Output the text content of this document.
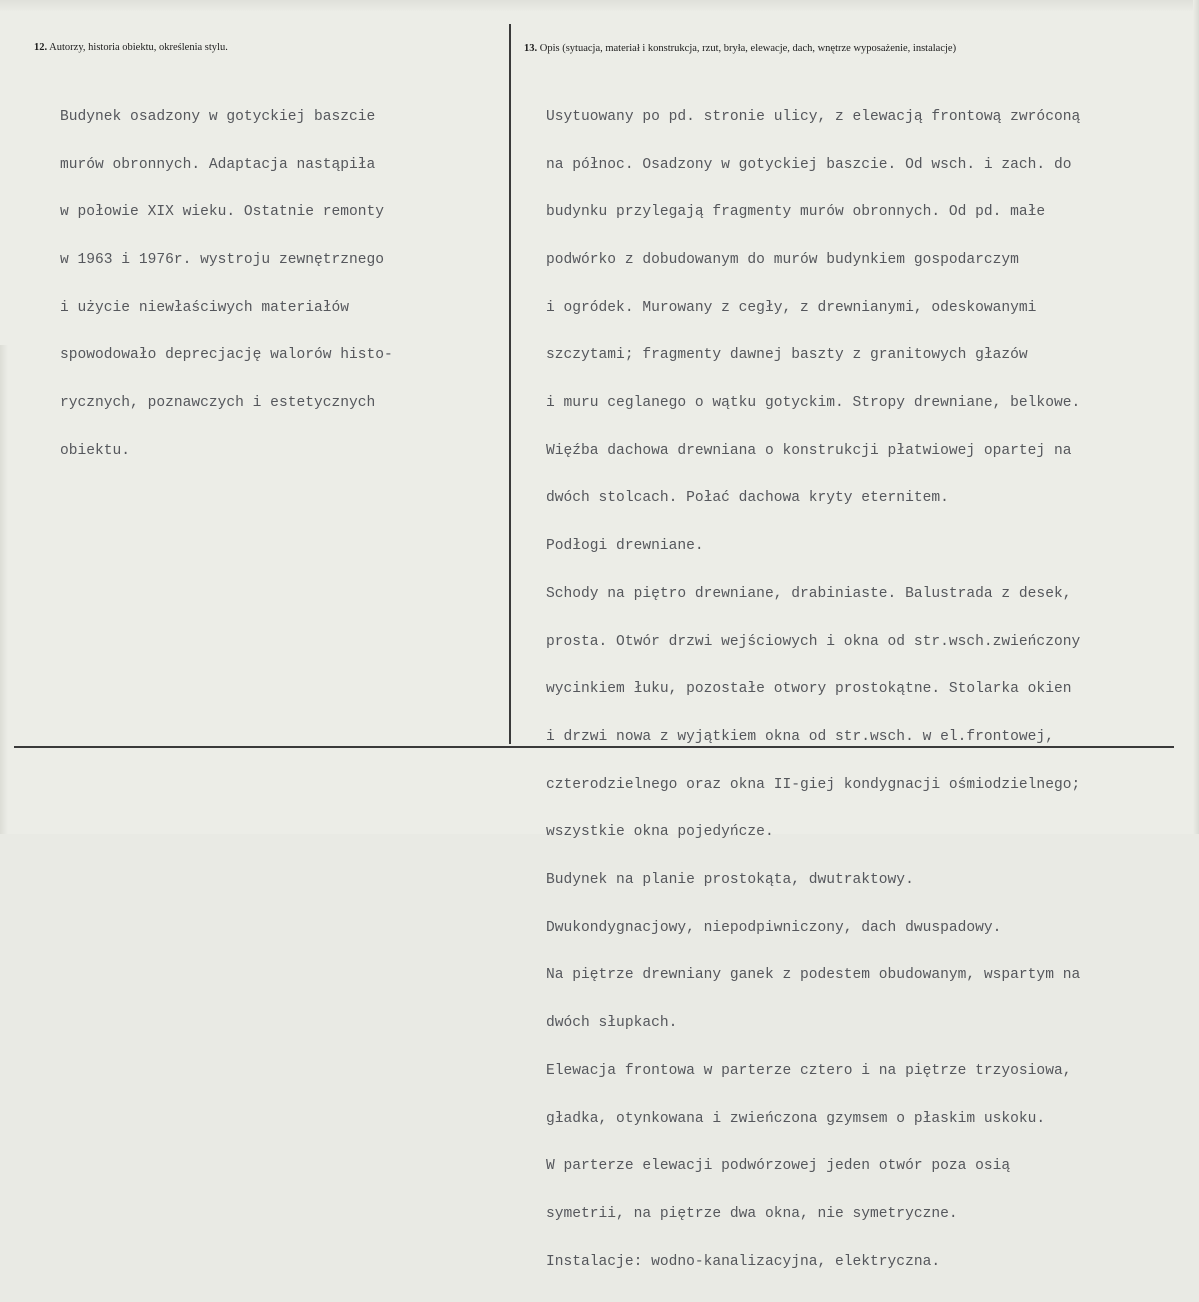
12. Autorzy, historia obiektu, określenia stylu.	13. Opis (sytuacja, materiał i konstrukcja, rzut, bryła, elewacje, dach, wnętrze wyposażenie, instalacje)

Budynek osadzony w gotyckiej baszcie

murów obronnych. Adaptacja nastąpiła

w połowie XIX wieku. Ostatnie remonty

w 1963 i 1976r. wystroju zewnętrznego

i użycie niewłaściwych materiałów

spowodowało deprecjację walorów histo-

rycznych, poznawczych i estetycznych

obiektu.

Usytuowany po pd. stronie ulicy, z elewacją frontową zwróconą

na północ. Osadzony w gotyckiej baszcie. Od wsch. i zach. do

budynku przylegają fragmenty murów obronnych. Od pd. małe

podwórko z dobudowanym do murów budynkiem gospodarczym

i ogródek. Murowany z cegły, z drewnianymi, odeskowanymi

szczytami; fragmenty dawnej baszty z granitowych głazów

i muru ceglanego o wątku gotyckim. Stropy drewniane, belkowe.

Więźba dachowa drewniana o konstrukcji płatwiowej opartej na

dwóch stolcach. Połać dachowa kryty eternitem.

Podłogi drewniane.

Schody na piętro drewniane, drabiniaste. Balustrada z desek,

prosta. Otwór drzwi wejściowych i okna od str.wsch.zwieńczony

wycinkiem łuku, pozostałe otwory prostokątne. Stolarka okien

i drzwi nowa z wyjątkiem okna od str.wsch. w el.frontowej,

czterodzielnego oraz okna II-giej kondygnacji ośmiodzielnego;

wszystkie okna pojedyńcze.

Budynek na planie prostokąta, dwutraktowy.

Dwukondygnacjowy, niepodpiwniczony, dach dwuspadowy.

Na piętrze drewniany ganek z podestem obudowanym, wspartym na

dwóch słupkach.

Elewacja frontowa w parterze cztero i na piętrze trzyosiowa,

gładka, otynkowana i zwieńczona gzymsem o płaskim uskoku.

W parterze elewacji podwórzowej jeden otwór poza osią

symetrii, na piętrze dwa okna, nie symetryczne.

Instalacje: wodno-kanalizacyjna, elektryczna.
